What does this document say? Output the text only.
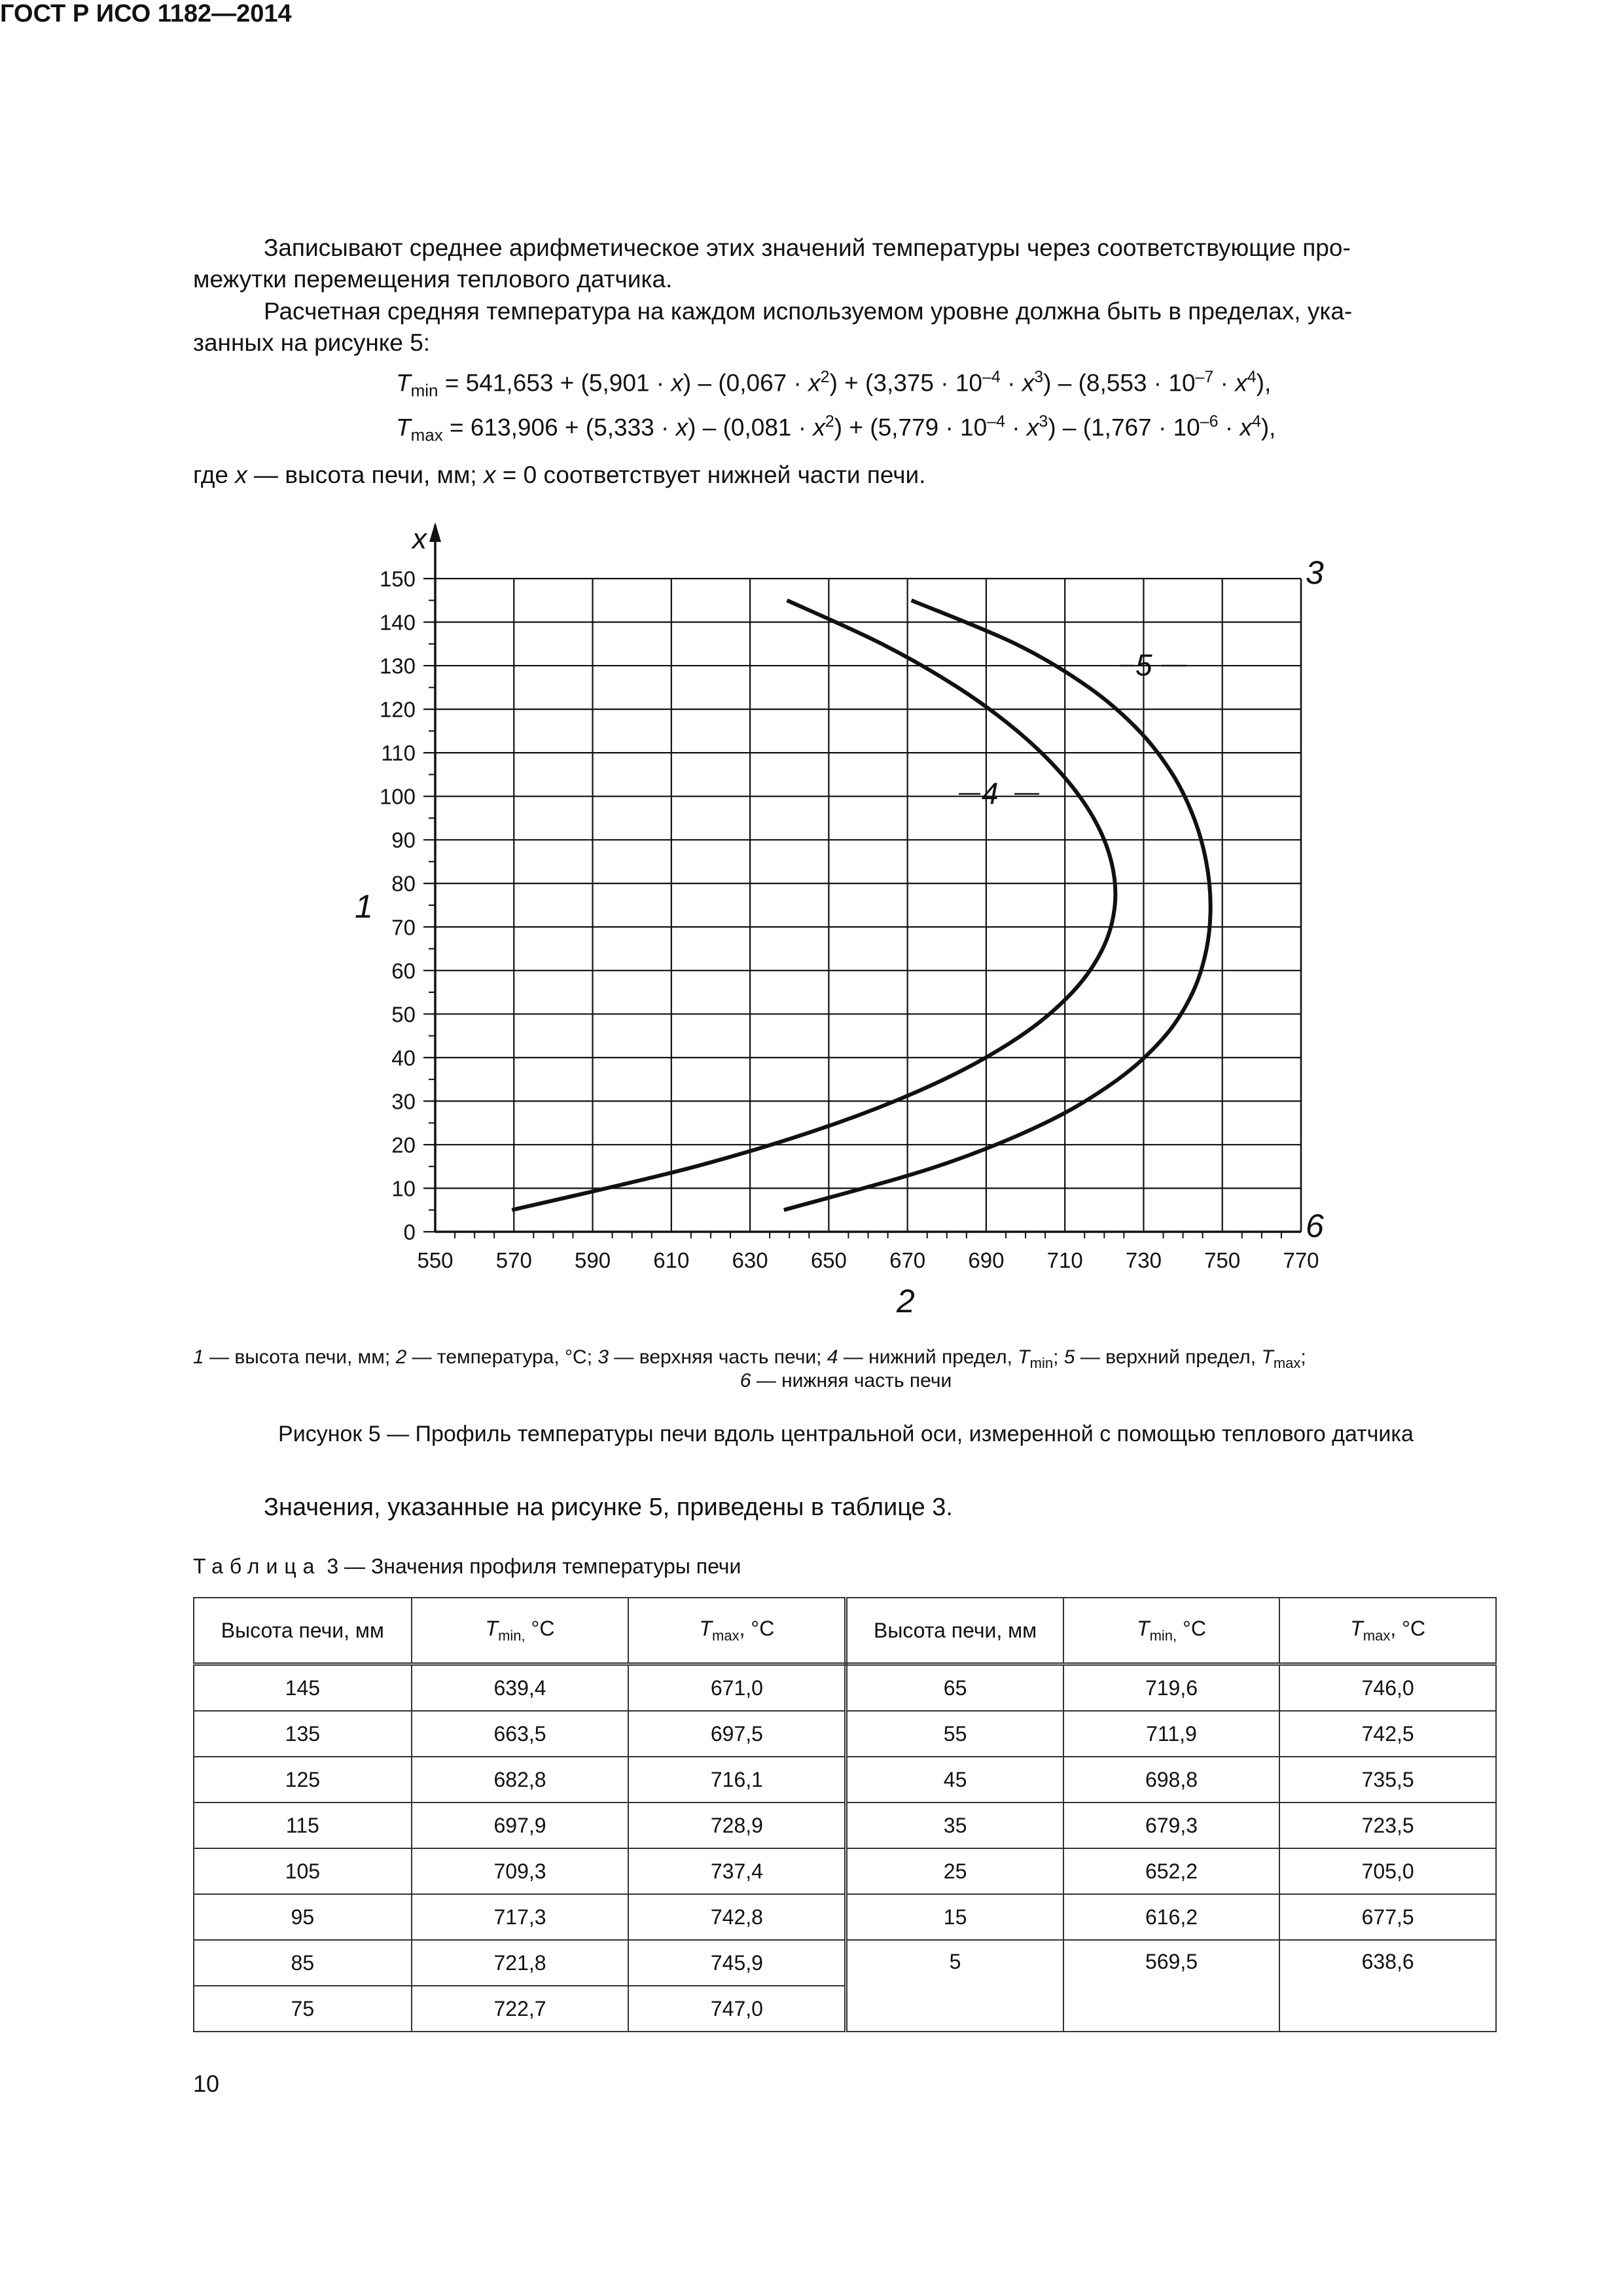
ГОСТ Р ИСО 1182—2014
Записывают среднее арифметическое этих значений температуры через соответствующие про-
межутки перемещения теплового датчика.
Расчетная средняя температура на каждом используемом уровне должна быть в пределах, ука-
занных на рисунке 5:
$T_{min} = 541,653 + (5,901 \cdot x) - (0,067 \cdot x^2) + (3,375 \cdot 10^{-4} \cdot x^3) - (8,553 \cdot 10^{-7} \cdot x^4)$,
$T_{max} = 613,906 + (5,333 \cdot x) - (0,081 \cdot x^2) + (5,779 \cdot 10^{-4} \cdot x^3) - (1,767 \cdot 10^{-6} \cdot x^4)$,
где x — высота печи, мм; x = 0 соответствует нижней части печи.
x
550 570 590 610 630 650 670 690 710 730 750 770
0
10
20
30
40
50
60
70
80
90
100
110
120
130
140
150
1
2
3
6
4
5
1 — высота печи, мм; 2 — температура, °C; 3 — верхняя часть печи; 4 — нижний предел, $T_{min}$; 5 — верхний предел, $T_{max}$;
6 — нижняя часть печи
Рисунок 5 — Профиль температуры печи вдоль центральной оси, измеренной с помощью теплового датчика
Значения, указанные на рисунке 5, приведены в таблице 3.
Таблица 3 — Значения профиля температуры печи
Высота печи, мм	$T_{min,}$ °C	$T_{max}$, °C	Высота печи, мм	$T_{min,}$ °C	$T_{max}$, °C
145	639,4	671,0	65	719,6	746,0
135	663,5	697,5	55	711,9	742,5
125	682,8	716,1	45	698,8	735,5
115	697,9	728,9	35	679,3	723,5
105	709,3	737,4	25	652,2	705,0
95	717,3	742,8	15	616,2	677,5
85	721,8	745,9	5	569,5	638,6
75	722,7	747,0			
10
